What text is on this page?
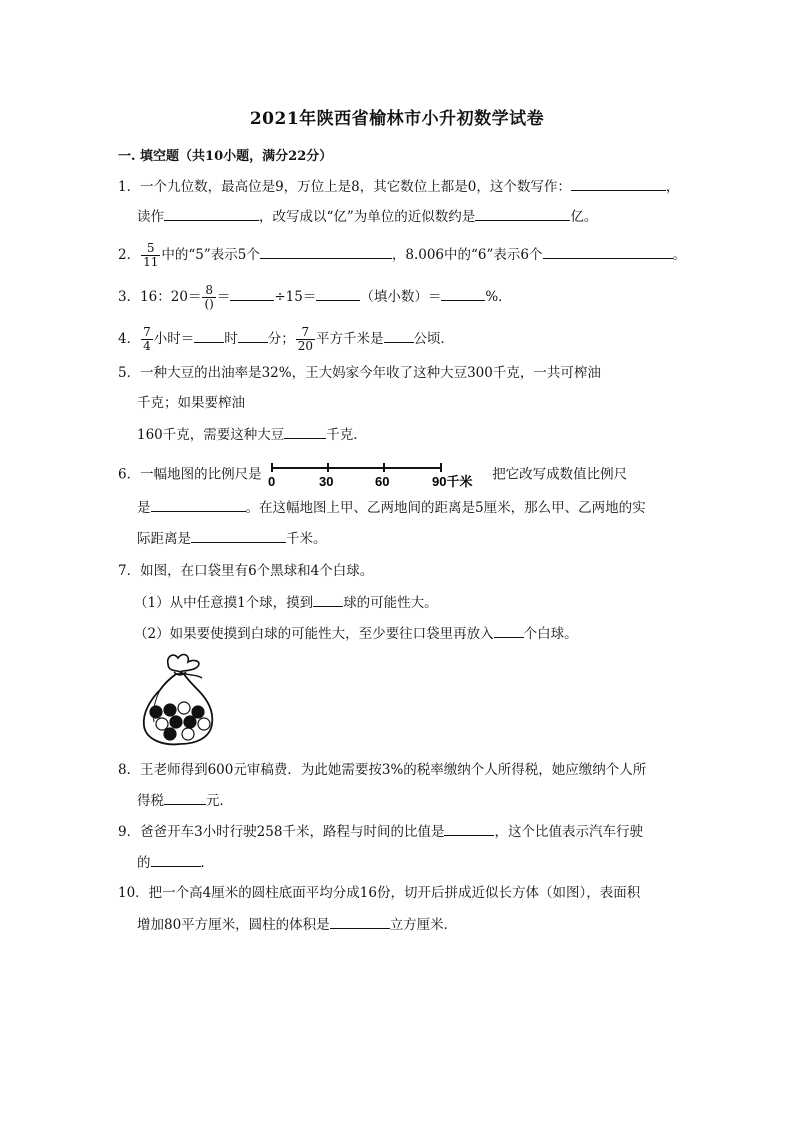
2021年陕西省榆林市小升初数学试卷
一. 填空题（共10小题，满分22分）
1．一个九位数，最高位是9，万位上是8，其它数位上都是0，这个数写作：	，
读作	，改写成以“亿”为单位的近似数约是	亿。
2． $\frac{5}{11}$ 中的“5”表示5个	，8.006中的“6”表示6个	。
3．16：$20= \frac{8}{()}$ ＝	÷15＝	（填小数）＝	%．
4． $\frac{7}{4}$ 小时＝ 时 分； $\frac{7}{20}$ 平方千米是 公顷．
5．一种大豆的出油率是32%，王大妈家今年收了这种大豆300千克，一共可榨油
千克；如果要榨油
160千克，需要这种大豆	千克．
6．一幅地图的比例尺是 0	30	60	90千米 把它改写成数值比例尺
是	。在这幅地图上甲、乙两地间的距离是5厘米，那么甲、乙两地的实
际距离是	千米。
7．如图，在口袋里有6个黑球和4个白球。
（1）从中任意摸1个球，摸到 球的可能性大。
（2）如果要使摸到白球的可能性大，至少要往口袋里再放入 个白球。
8．王老师得到600元审稿费．为此她需要按3%的税率缴纳个人所得税，她应缴纳个人所
得税	元．
9．爸爸开车3小时行驶258千米，路程与时间的比值是	，这个比值表示汽车行驶
的	．
10．把一个高4厘米的圆柱底面平均分成16份，切开后拼成近似长方体（如图），表面积
增加80平方厘米，圆柱的体积是	立方厘米．
